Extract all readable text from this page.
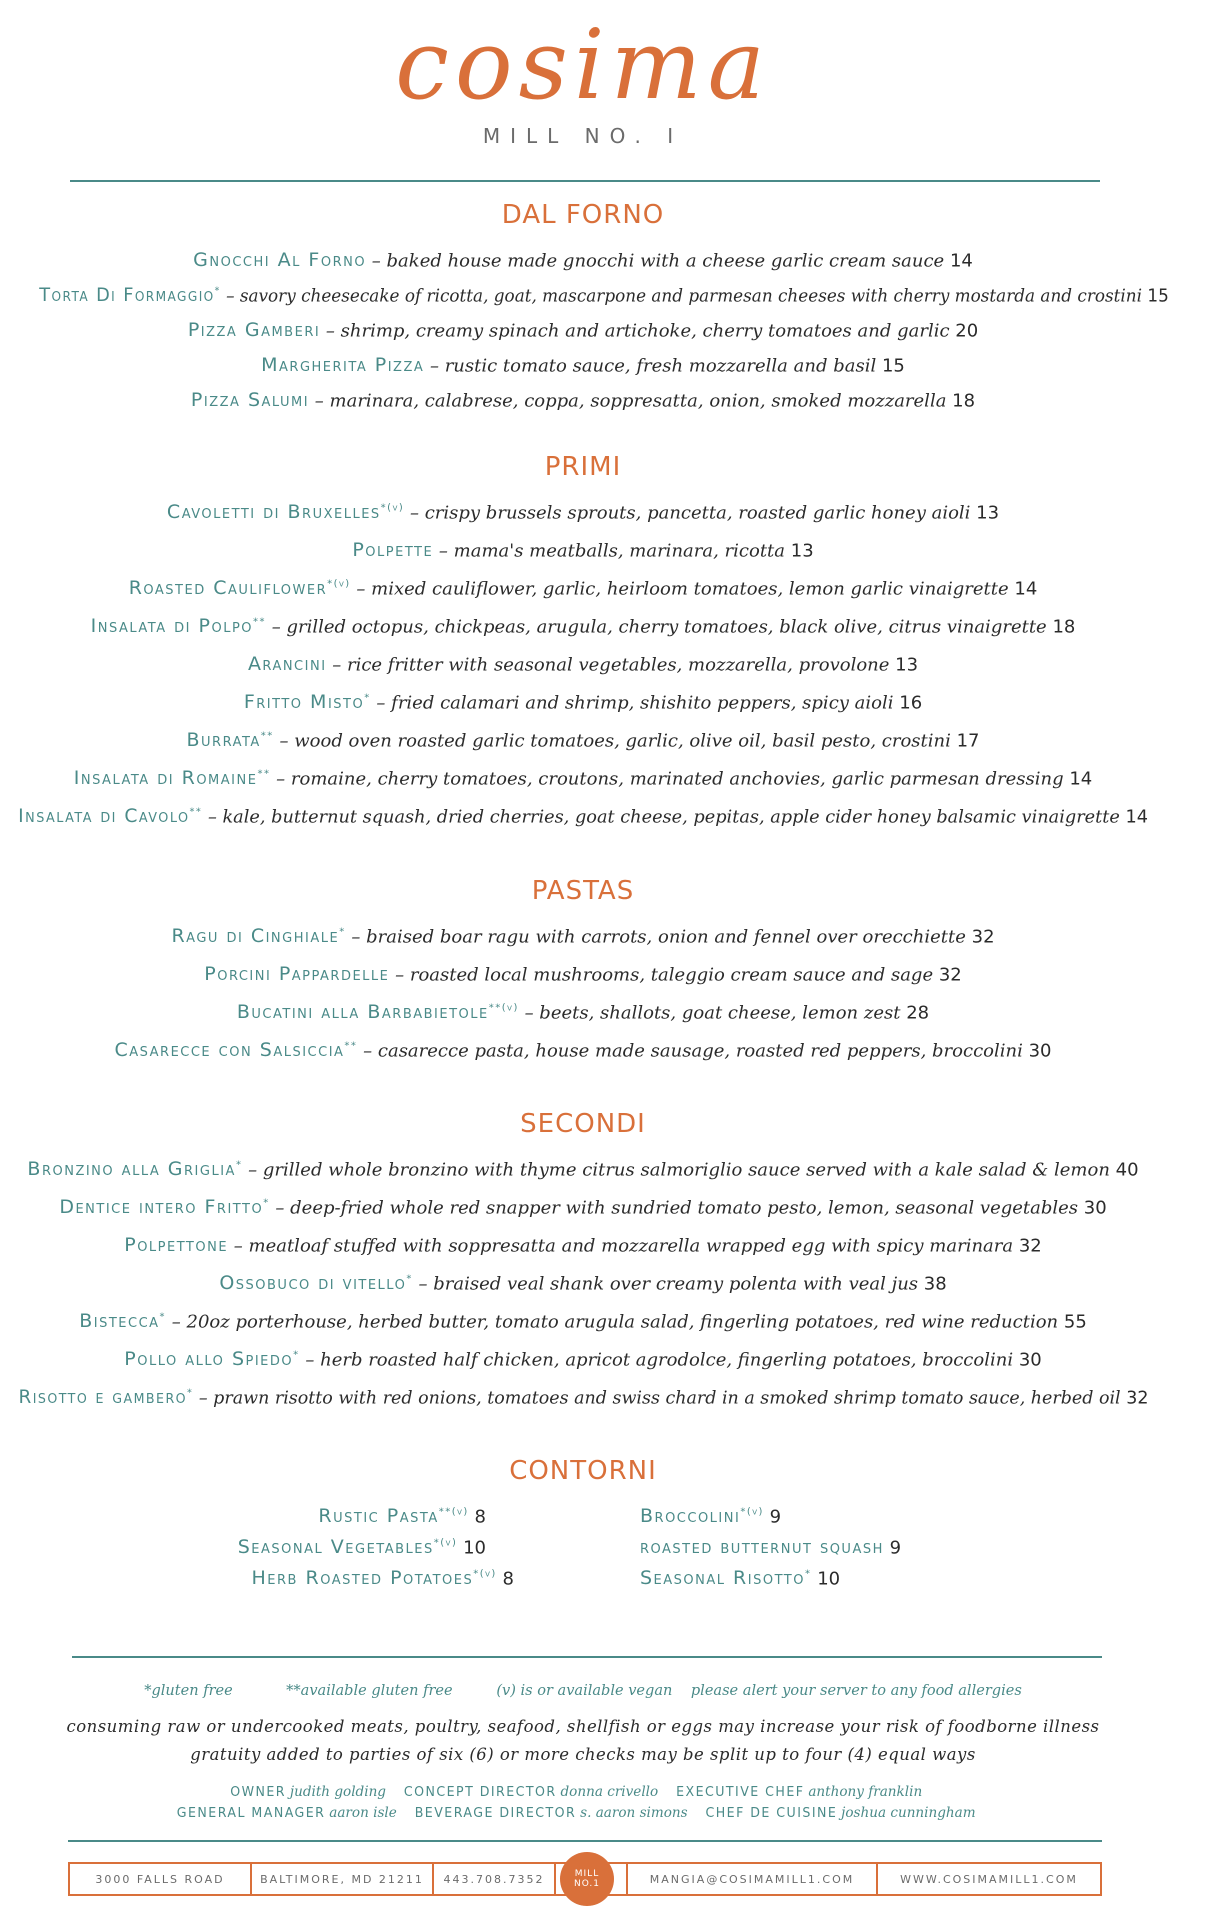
cosima
MILL NO. I
DAL FORNO
Gnocchi Al Forno – baked house made gnocchi with a cheese garlic cream sauce 14
Torta Di Formaggio* – savory cheesecake of ricotta, goat, mascarpone and parmesan cheeses with cherry mostarda and crostini 15
Pizza Gamberi – shrimp, creamy spinach and artichoke, cherry tomatoes and garlic 20
Margherita Pizza – rustic tomato sauce, fresh mozzarella and basil 15
Pizza Salumi – marinara, calabrese, coppa, soppresatta, onion, smoked mozzarella 18
PRIMI
Cavoletti di Bruxelles$^{*(v)}$ – crispy brussels sprouts, pancetta, roasted garlic honey aioli 13
Polpette – mama's meatballs, marinara, ricotta 13
Roasted Cauliflower$^{*(v)}$ – mixed cauliflower, garlic, heirloom tomatoes, lemon garlic vinaigrette 14
Insalata di Polpo** – grilled octopus, chickpeas, arugula, cherry tomatoes, black olive, citrus vinaigrette 18
Arancini – rice fritter with seasonal vegetables, mozzarella, provolone 13
Fritto Misto* – fried calamari and shrimp, shishito peppers, spicy aioli 16
Burrata** – wood oven roasted garlic tomatoes, garlic, olive oil, basil pesto, crostini 17
Insalata di Romaine** – romaine, cherry tomatoes, croutons, marinated anchovies, garlic parmesan dressing 14
Insalata di Cavolo** – kale, butternut squash, dried cherries, goat cheese, pepitas, apple cider honey balsamic vinaigrette 14
PASTAS
Ragu di Cinghiale* – braised boar ragu with carrots, onion and fennel over orecchiette 32
Porcini Pappardelle – roasted local mushrooms, taleggio cream sauce and sage 32
Bucatini alla Barbabietole$^{**(v)}$ – beets, shallots, goat cheese, lemon zest 28
Casarecce con Salsiccia** – casarecce pasta, house made sausage, roasted red peppers, broccolini 30
SECONDI
Bronzino alla Griglia* – grilled whole bronzino with thyme citrus salmoriglio sauce served with a kale salad & lemon 40
Dentice intero Fritto* – deep-fried whole red snapper with sundried tomato pesto, lemon, seasonal vegetables 30
Polpettone – meatloaf stuffed with soppresatta and mozzarella wrapped egg with spicy marinara 32
Ossobuco di vitello* – braised veal shank over creamy polenta with veal jus 38
Bistecca* – 20oz porterhouse, herbed butter, tomato arugula salad, fingerling potatoes, red wine reduction 55
Pollo allo Spiedo* – herb roasted half chicken, apricot agrodolce, fingerling potatoes, broccolini 30
Risotto e gambero* – prawn risotto with red onions, tomatoes and swiss chard in a smoked shrimp tomato sauce, herbed oil 32
CONTORNI
Rustic Pasta$^{**(v)}$ 8
Seasonal Vegetables$^{*(v)}$ 10
Herb Roasted Potatoes$^{*(v)}$ 8
Broccolini$^{*(v)}$ 9
roasted butternut squash 9
Seasonal Risotto* 10
*gluten free	**available gluten free	(v) is or available vegan please alert your server to any food allergies
consuming raw or undercooked meats, poultry, seafood, shellfish or eggs may increase your risk of foodborne illness
gratuity added to parties of six (6) or more checks may be split up to four (4) equal ways
OWNER judith golding CONCEPT DIRECTOR donna crivello EXECUTIVE CHEF anthony franklin
GENERAL MANAGER aaron isle BEVERAGE DIRECTOR s. aaron simons CHEF DE CUISINE joshua cunningham
3000 FALLS ROAD	BALTIMORE, MD 21211	443.708.7352	MANGIA@COSIMAMILL1.COM	WWW.COSIMAMILL1.COM
MILL
NO.1
